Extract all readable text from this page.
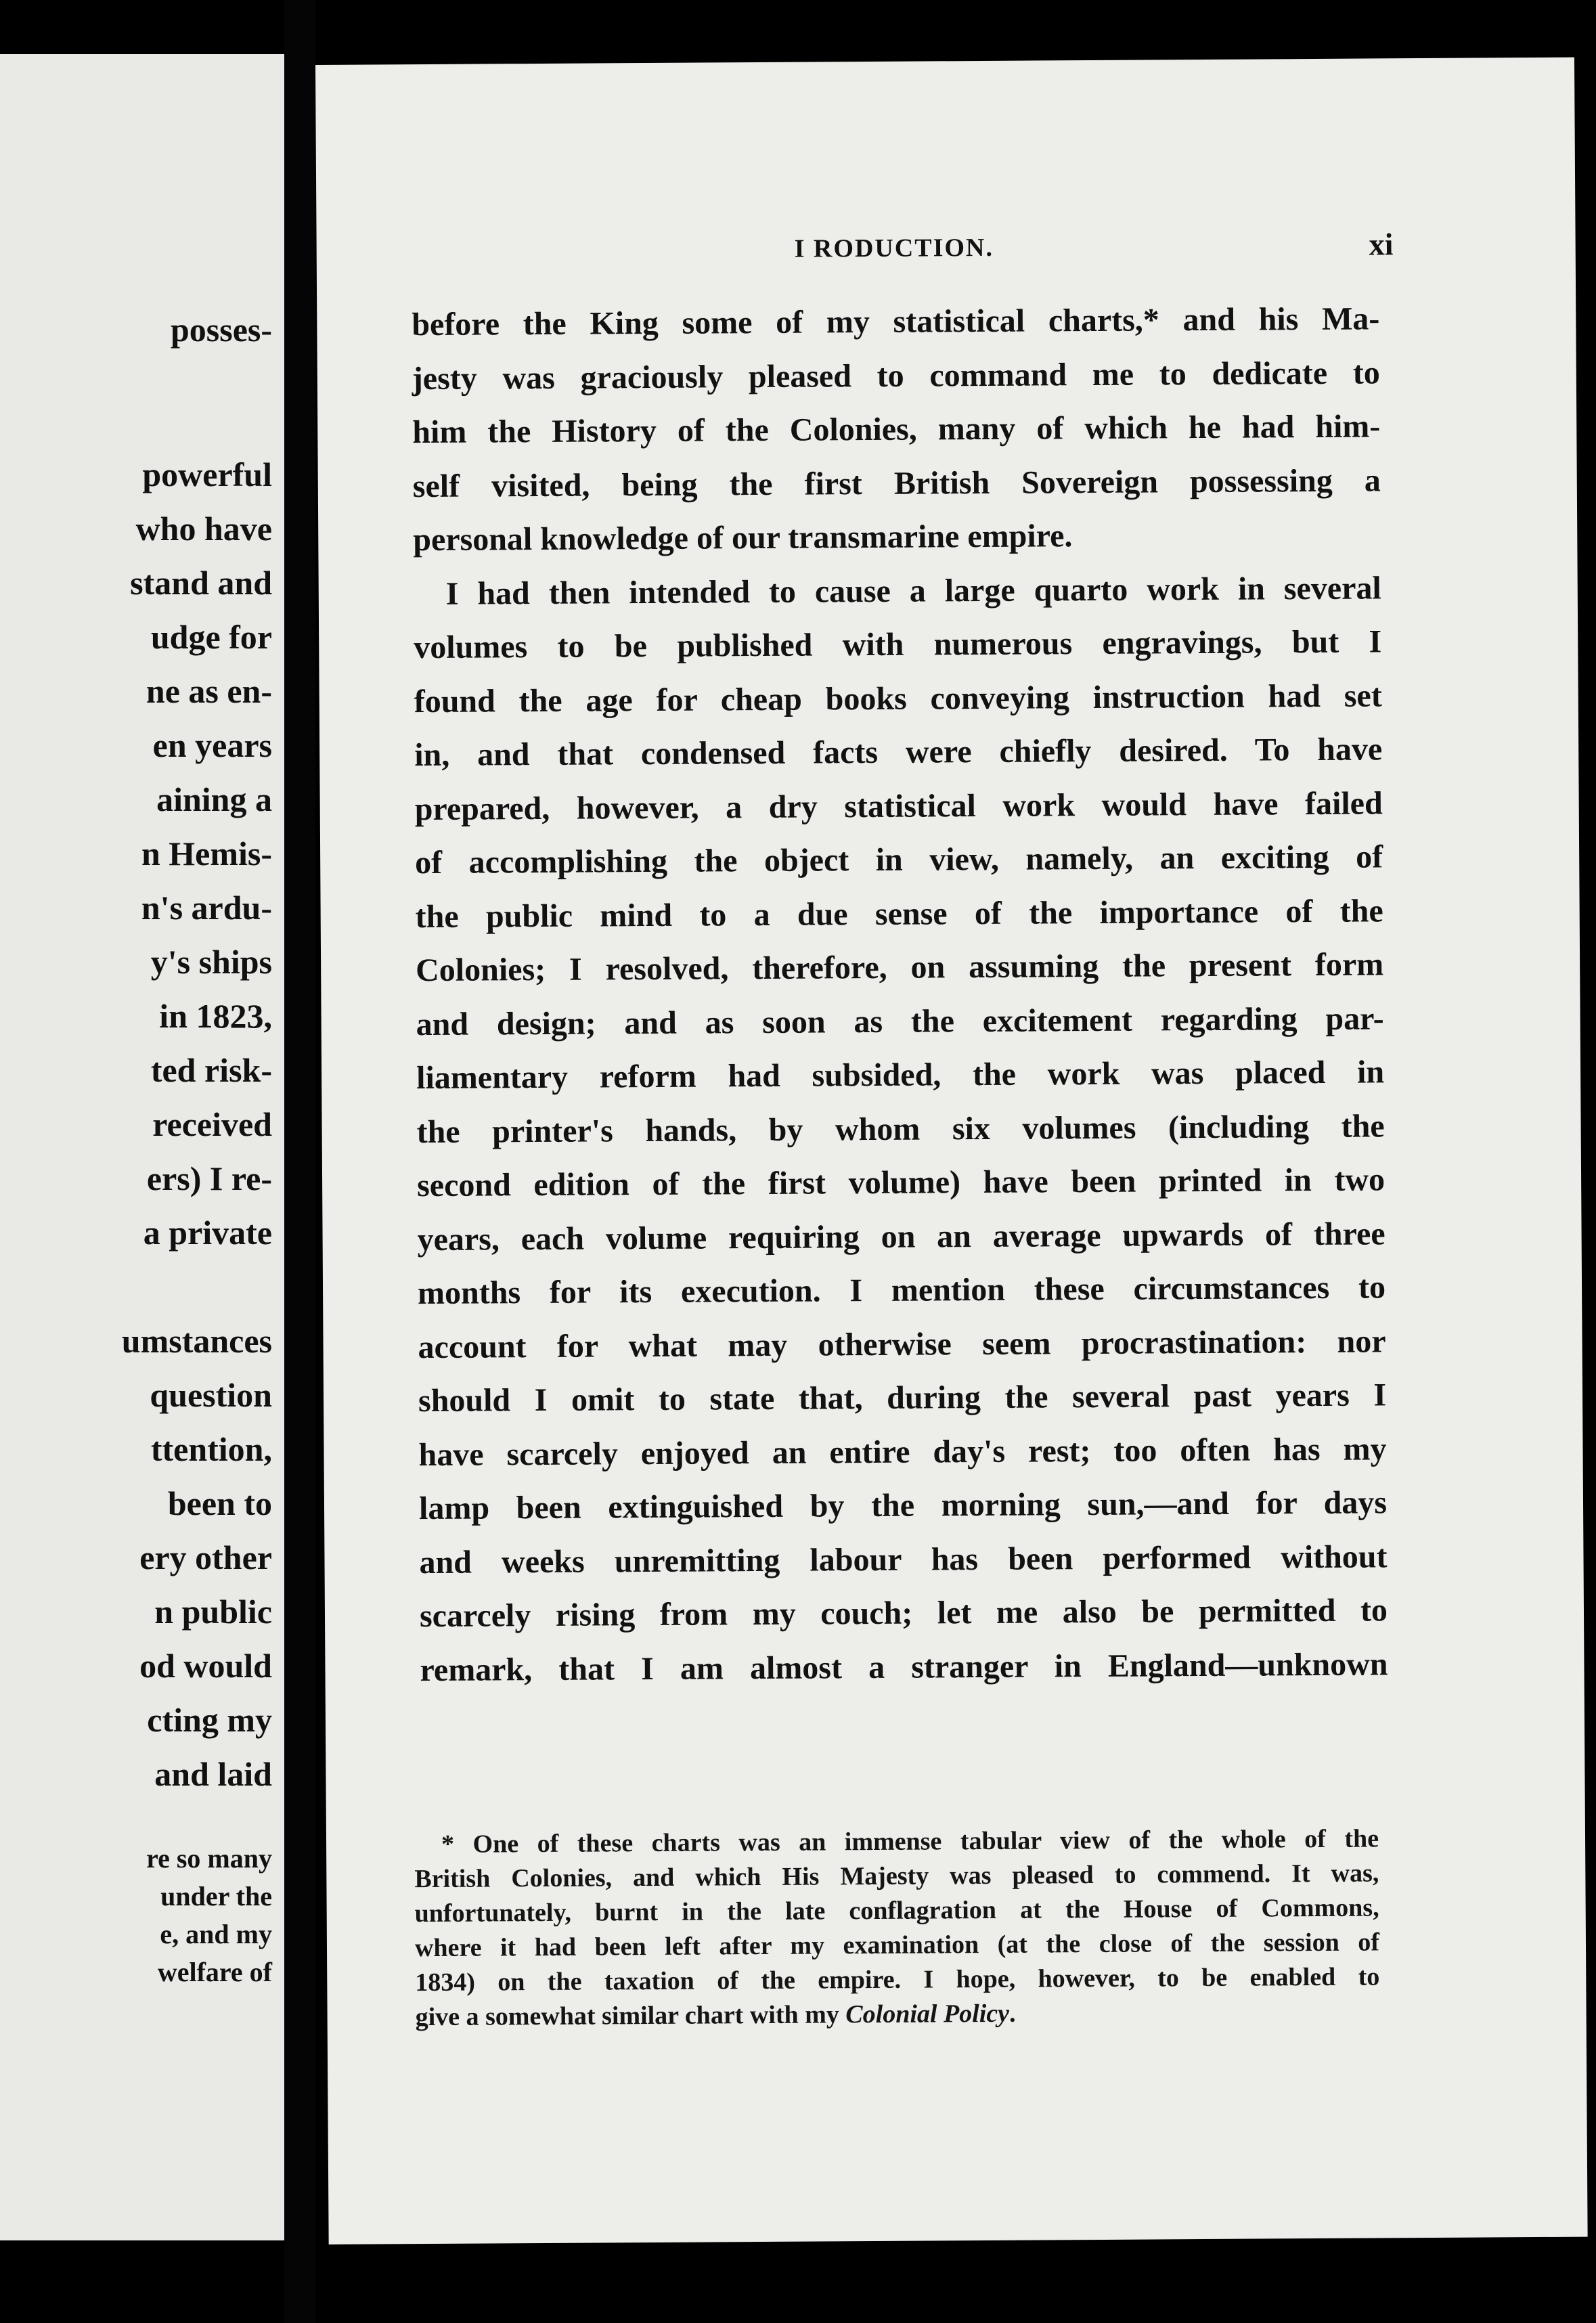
posses-

powerful

who have

stand and

udge for

ne as en-

en years

aining a

n Hemis-

n's ardu-

y's ships

in 1823,

ted risk-

received

ers) I re-

a private

umstances

question

ttention,

been to

ery other

n public

od would

cting my

and laid

re so many

under the

e, and my

welfare of

I RODUCTION.	xi

before the King some of my statistical charts,* and his Ma-

jesty was graciously pleased to command me to dedicate to

him the History of the Colonies, many of which he had him-

self visited, being the first British Sovereign possessing a

personal knowledge of our transmarine empire.

I had then intended to cause a large quarto work in several

volumes to be published with numerous engravings, but I

found the age for cheap books conveying instruction had set

in, and that condensed facts were chiefly desired. To have

prepared, however, a dry statistical work would have failed

of accomplishing the object in view, namely, an exciting of

the public mind to a due sense of the importance of the

Colonies; I resolved, therefore, on assuming the present form

and design; and as soon as the excitement regarding par-

liamentary reform had subsided, the work was placed in

the printer's hands, by whom six volumes (including the

second edition of the first volume) have been printed in two

years, each volume requiring on an average upwards of three

months for its execution. I mention these circumstances to

account for what may otherwise seem procrastination: nor

should I omit to state that, during the several past years I

have scarcely enjoyed an entire day's rest; too often has my

lamp been extinguished by the morning sun,—and for days

and weeks unremitting labour has been performed without

scarcely rising from my couch; let me also be permitted to

remark, that I am almost a stranger in England—unknown

* One of these charts was an immense tabular view of the whole of the

British Colonies, and which His Majesty was pleased to commend. It was,

unfortunately, burnt in the late conflagration at the House of Commons,

where it had been left after my examination (at the close of the session of

1834) on the taxation of the empire. I hope, however, to be enabled to

give a somewhat similar chart with my Colonial Policy.
